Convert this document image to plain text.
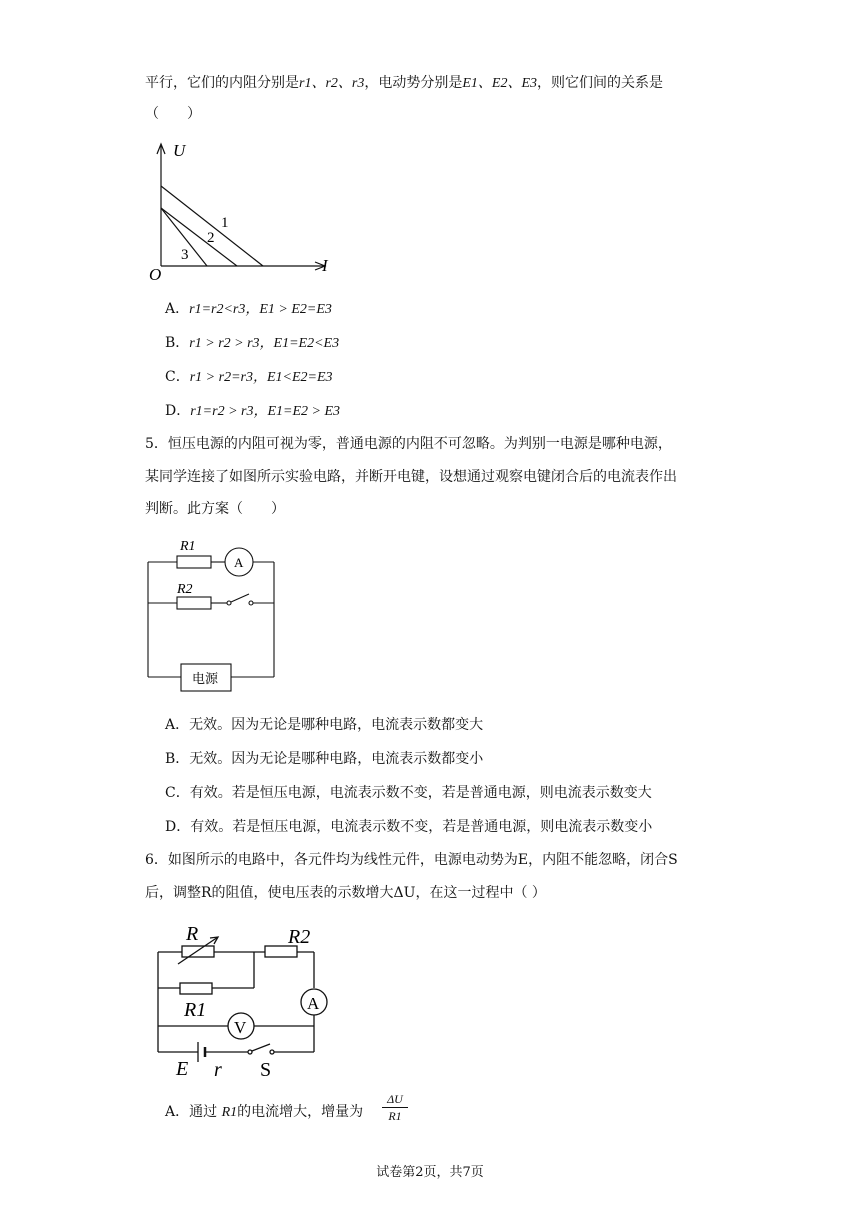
平行，它们的内阻分别是r1、r2、r3，电动势分别是E1、E2、E3，则它们间的关系是
（　　）
U
I
O
1
2
3
A．r1=r2<r3，E1 > E2=E3
B．r1 > r2 > r3，E1=E2<E3
C．r1 > r2=r3，E1<E2=E3
D．r1=r2 > r3，E1=E2 > E3
5．恒压电源的内阻可视为零，普通电源的内阻不可忽略。为判别一电源是哪种电源，
某同学连接了如图所示实验电路，并断开电键，设想通过观察电键闭合后的电流表作出
判断。此方案（　　）
R1
R2
A
电源
A．无效。因为无论是哪种电路，电流表示数都变大
B．无效。因为无论是哪种电路，电流表示数都变小
C．有效。若是恒压电源，电流表示数不变，若是普通电源，则电流表示数变大
D．有效。若是恒压电源，电流表示数不变，若是普通电源，则电流表示数变小
6．如图所示的电路中，各元件均为线性元件，电源电动势为E，内阻不能忽略，闭合S
后，调整R的阻值，使电压表的示数增大ΔU，在这一过程中（ ）
R	R2
R1	A
V
E r S
A．通过 R1的电流增大，增量为
ΔU
R1
试卷第2页，共7页
